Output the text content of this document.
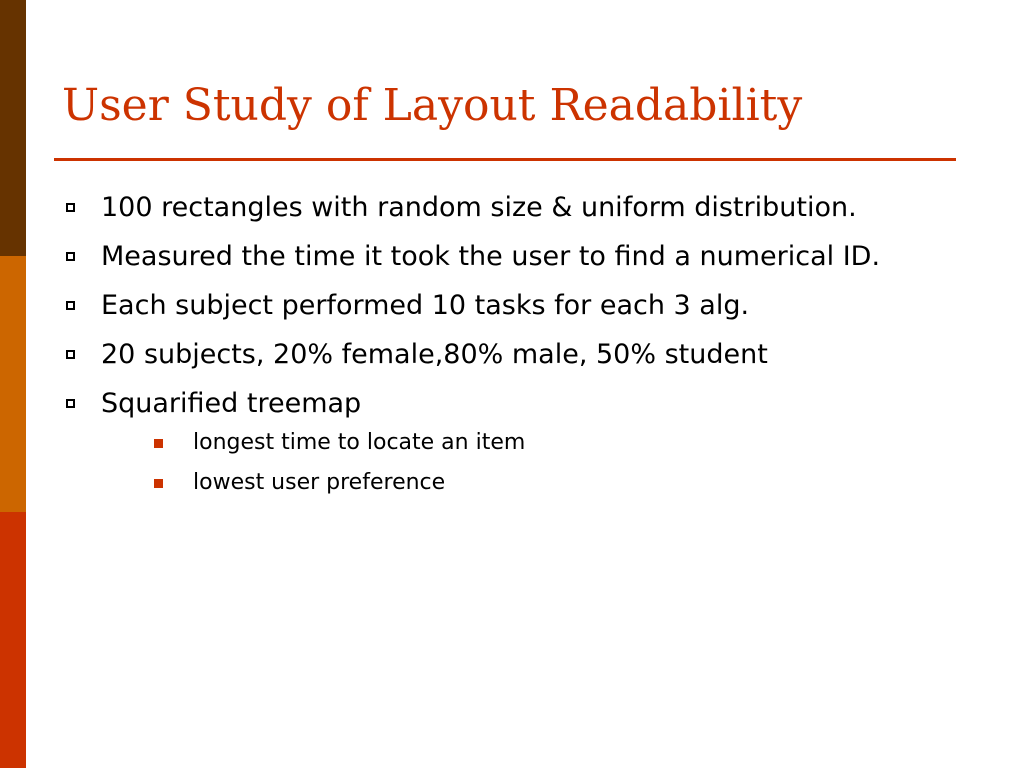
User Study of Layout Readability
100 rectangles with random size & uniform distribution.
Measured the time it took the user to find a numerical ID.
Each subject performed 10 tasks for each 3 alg.
20 subjects, 20% female,80% male, 50% student
Squarified treemap
longest time to locate an item
lowest user preference
